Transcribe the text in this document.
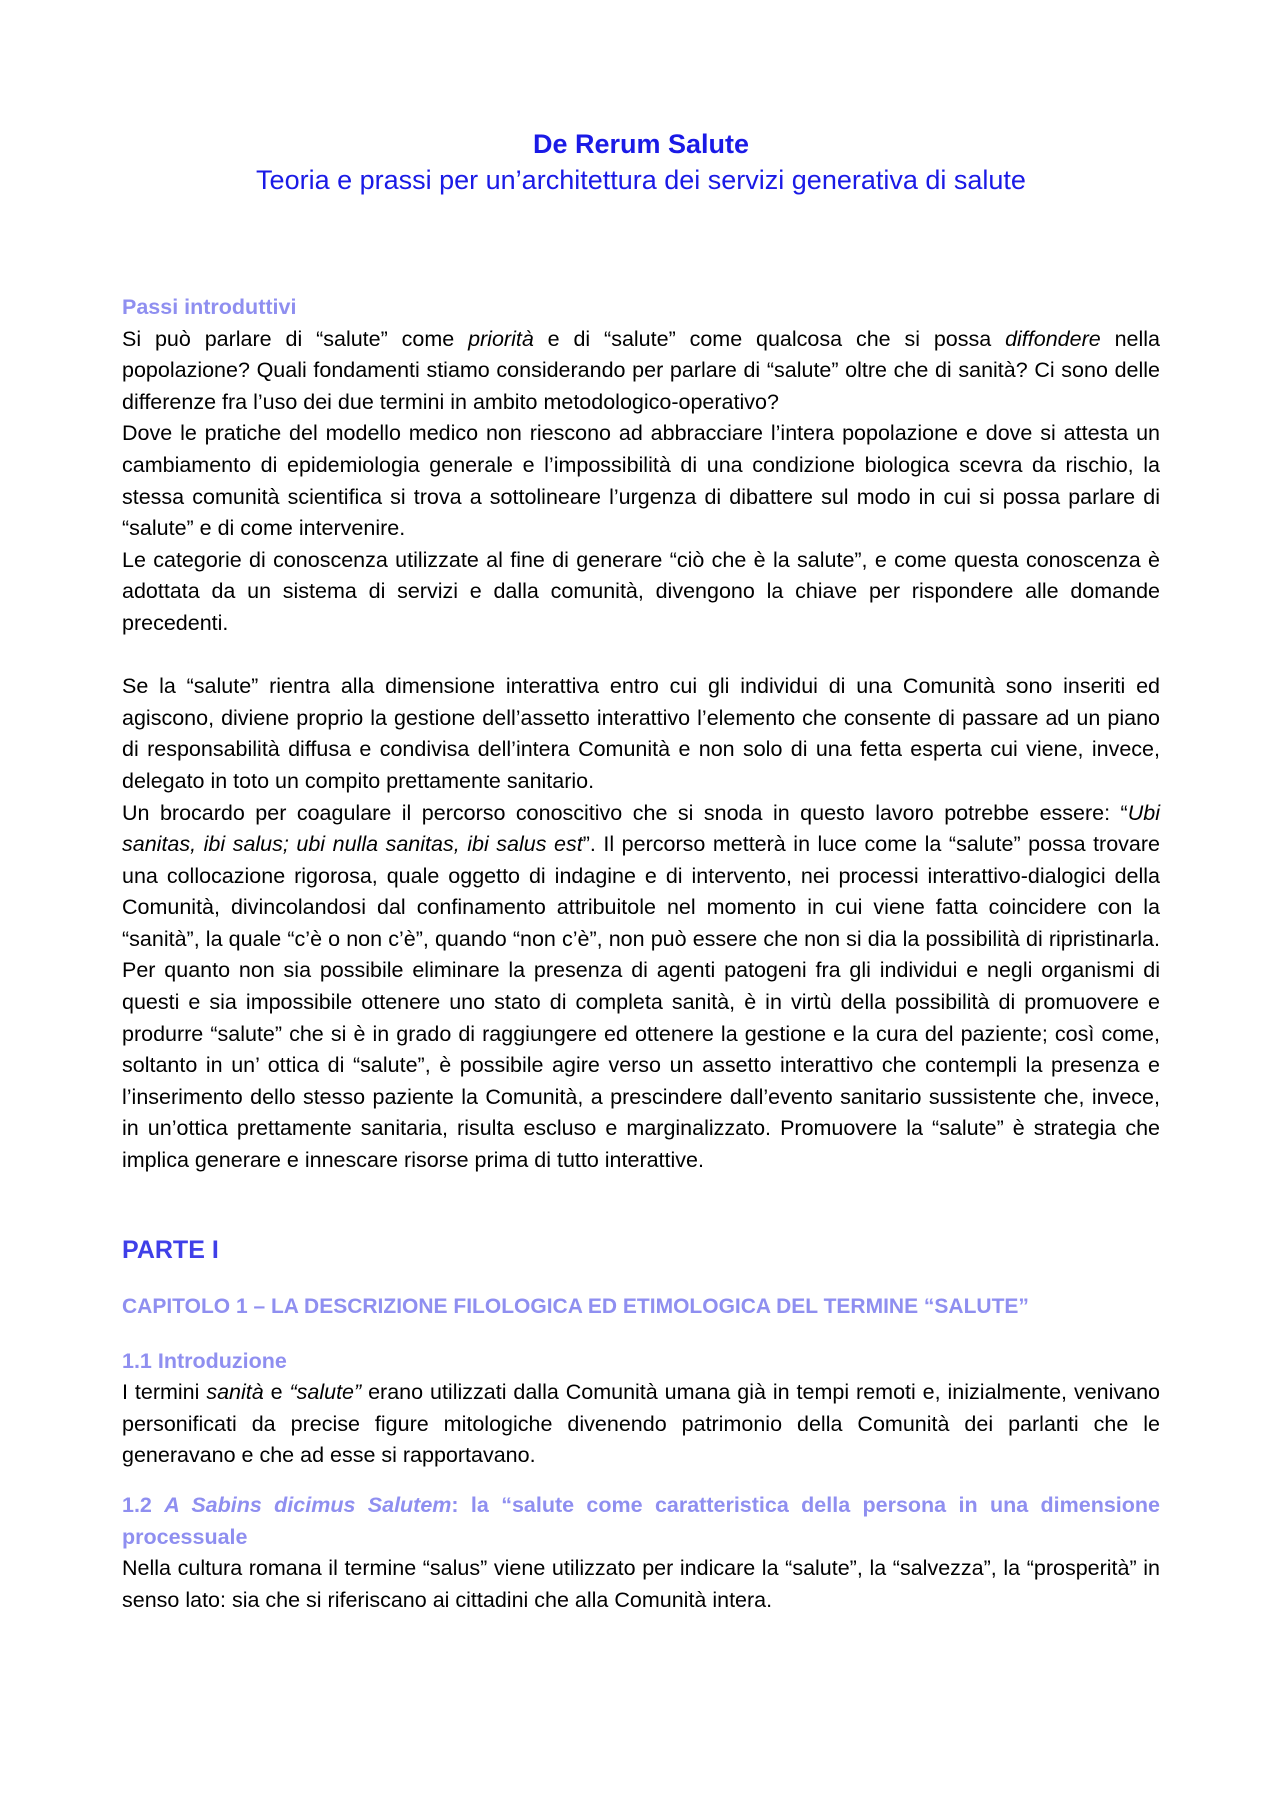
De Rerum Salute
Teoria e prassi per un’architettura dei servizi generativa di salute
Passi introduttivi

Si può parlare di “salute” come priorità e di “salute” come qualcosa che si possa diffondere nella popolazione? Quali fondamenti stiamo considerando per parlare di “salute” oltre che di sanità? Ci sono delle differenze fra l’uso dei due termini in ambito metodologico-operativo?

Dove le pratiche del modello medico non riescono ad abbracciare l’intera popolazione e dove si attesta un cambiamento di epidemiologia generale e l’impossibilità di una condizione biologica scevra da rischio, la stessa comunità scientifica si trova a sottolineare l’urgenza di dibattere sul modo in cui si possa parlare di “salute” e di come intervenire.

Le categorie di conoscenza utilizzate al fine di generare “ciò che è la salute”, e come questa conoscenza è adottata da un sistema di servizi e dalla comunità, divengono la chiave per rispondere alle domande precedenti.

Se la “salute” rientra alla dimensione interattiva entro cui gli individui di una Comunità sono inseriti ed agiscono, diviene proprio la gestione dell’assetto interattivo l’elemento che consente di passare ad un piano di responsabilità diffusa e condivisa dell’intera Comunità e non solo di una fetta esperta cui viene, invece, delegato in toto un compito prettamente sanitario.

Un brocardo per coagulare il percorso conoscitivo che si snoda in questo lavoro potrebbe essere: “Ubi sanitas, ibi salus; ubi nulla sanitas, ibi salus est”. Il percorso metterà in luce come la “salute” possa trovare una collocazione rigorosa, quale oggetto di indagine e di intervento, nei processi interattivo-dialogici della Comunità, divincolandosi dal confinamento attribuitole nel momento in cui viene fatta coincidere con la “sanità”, la quale “c’è o non c’è”, quando “non c’è”, non può essere che non si dia la possibilità di ripristinarla. Per quanto non sia possibile eliminare la presenza di agenti patogeni fra gli individui e negli organismi di questi e sia impossibile ottenere uno stato di completa sanità, è in virtù della possibilità di promuovere e produrre “salute” che si è in grado di raggiungere ed ottenere la gestione e la cura del paziente; così come, soltanto in un’ ottica di “salute”, è possibile agire verso un assetto interattivo che contempli la presenza e l’inserimento dello stesso paziente la Comunità, a prescindere dall’evento sanitario sussistente che, invece, in un’ottica prettamente sanitaria, risulta escluso e marginalizzato. Promuovere la “salute” è strategia che implica generare e innescare risorse prima di tutto interattive.

PARTE I
CAPITOLO 1 – LA DESCRIZIONE FILOLOGICA ED ETIMOLOGICA DEL TERMINE “SALUTE”
1.1 Introduzione

I termini sanità e “salute” erano utilizzati dalla Comunità umana già in tempi remoti e, inizialmente, venivano personificati da precise figure mitologiche divenendo patrimonio della Comunità dei parlanti che le generavano e che ad esse si rapportavano.

1.2 A Sabins dicimus Salutem: la “salute come caratteristica della persona in una dimensione processuale

Nella cultura romana il termine “salus” viene utilizzato per indicare la “salute”, la “salvezza”, la “prosperità” in senso lato: sia che si riferiscano ai cittadini che alla Comunità intera.
